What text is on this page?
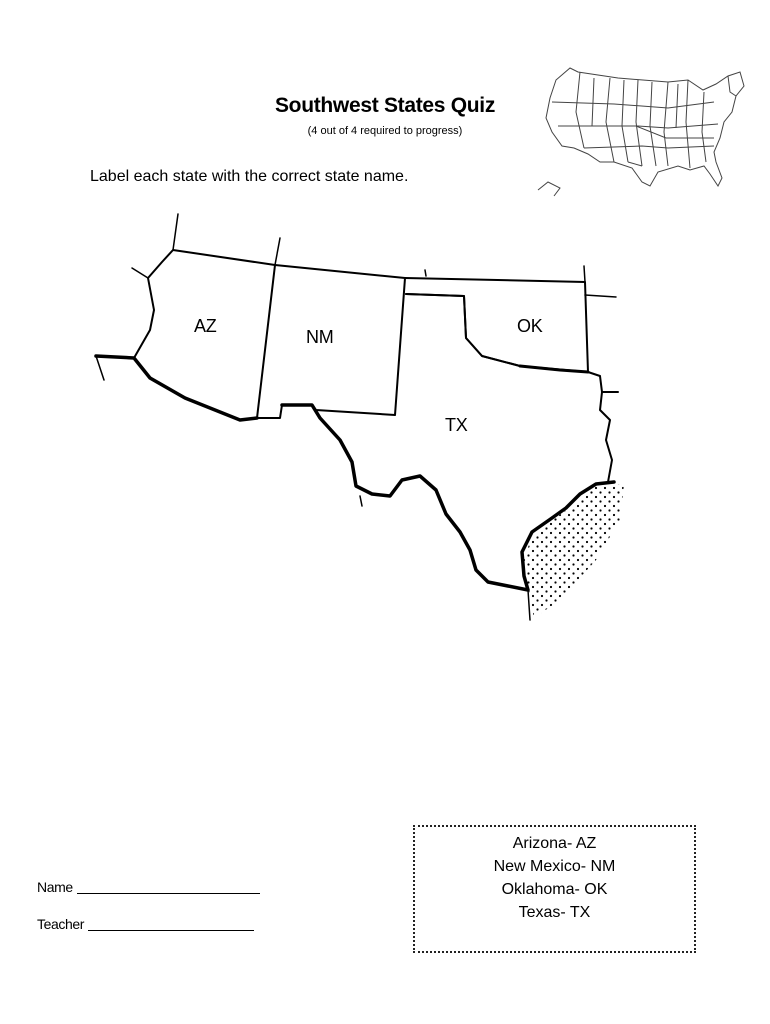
Southwest States Quiz
(4 out of 4 required to progress)
Label each state with the correct state name.
AZ
NM
OK
TX
Name
Teacher
Arizona- AZ
New Mexico- NM
Oklahoma- OK
Texas- TX
